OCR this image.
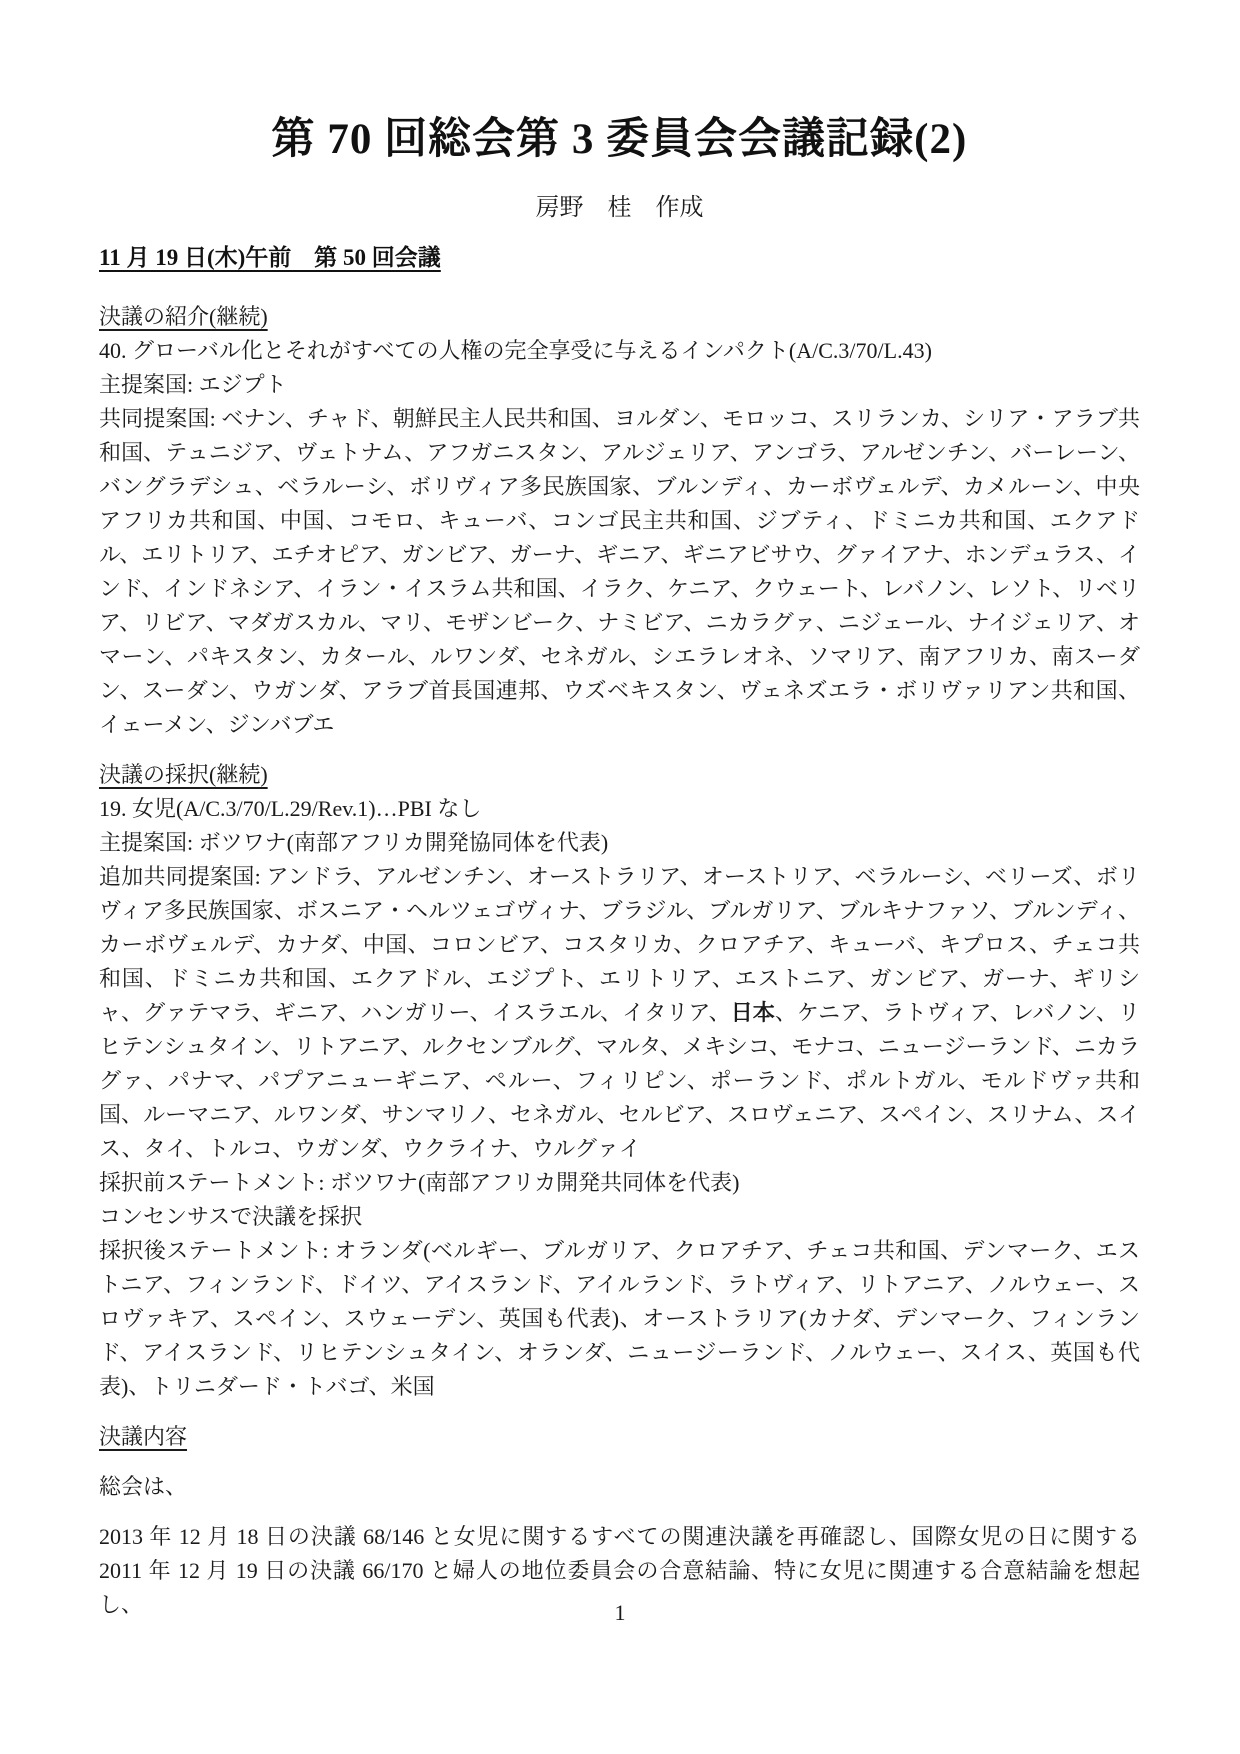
第 70 回総会第 3 委員会会議記録(2)
房野　桂　作成
11 月 19 日(木)午前　第 50 回会議
決議の紹介(継続)
40. グローバル化とそれがすべての人権の完全享受に与えるインパクト(A/C.3/70/L.43)
主提案国: エジプト
共同提案国: ベナン、チャド、朝鮮民主人民共和国、ヨルダン、モロッコ、スリランカ、シリア・アラブ共和国、テュニジア、ヴェトナム、アフガニスタン、アルジェリア、アンゴラ、アルゼンチン、バーレーン、バングラデシュ、ベラルーシ、ボリヴィア多民族国家、ブルンディ、カーボヴェルデ、カメルーン、中央アフリカ共和国、中国、コモロ、キューバ、コンゴ民主共和国、ジブティ、ドミニカ共和国、エクアドル、エリトリア、エチオピア、ガンビア、ガーナ、ギニア、ギニアビサウ、グァイアナ、ホンデュラス、インド、インドネシア、イラン・イスラム共和国、イラク、ケニア、クウェート、レバノン、レソト、リベリア、リビア、マダガスカル、マリ、モザンビーク、ナミビア、ニカラグァ、ニジェール、ナイジェリア、オマーン、パキスタン、カタール、ルワンダ、セネガル、シエラレオネ、ソマリア、南アフリカ、南スーダン、スーダン、ウガンダ、アラブ首長国連邦、ウズベキスタン、ヴェネズエラ・ボリヴァリアン共和国、イェーメン、ジンバブエ
決議の採択(継続)
19. 女児(A/C.3/70/L.29/Rev.1)…PBI なし
主提案国: ボツワナ(南部アフリカ開発協同体を代表)
追加共同提案国: アンドラ、アルゼンチン、オーストラリア、オーストリア、ベラルーシ、ベリーズ、ボリヴィア多民族国家、ボスニア・ヘルツェゴヴィナ、ブラジル、ブルガリア、ブルキナファソ、ブルンディ、カーボヴェルデ、カナダ、中国、コロンビア、コスタリカ、クロアチア、キューバ、キプロス、チェコ共和国、ドミニカ共和国、エクアドル、エジプト、エリトリア、エストニア、ガンビア、ガーナ、ギリシャ、グァテマラ、ギニア、ハンガリー、イスラエル、イタリア、日本、ケニア、ラトヴィア、レバノン、リヒテンシュタイン、リトアニア、ルクセンブルグ、マルタ、メキシコ、モナコ、ニュージーランド、ニカラグァ、パナマ、パプアニューギニア、ペルー、フィリピン、ポーランド、ポルトガル、モルドヴァ共和国、ルーマニア、ルワンダ、サンマリノ、セネガル、セルビア、スロヴェニア、スペイン、スリナム、スイス、タイ、トルコ、ウガンダ、ウクライナ、ウルグァイ
採択前ステートメント: ボツワナ(南部アフリカ開発共同体を代表)
コンセンサスで決議を採択
採択後ステートメント: オランダ(ベルギー、ブルガリア、クロアチア、チェコ共和国、デンマーク、エストニア、フィンランド、ドイツ、アイスランド、アイルランド、ラトヴィア、リトアニア、ノルウェー、スロヴァキア、スペイン、スウェーデン、英国も代表)、オーストラリア(カナダ、デンマーク、フィンランド、アイスランド、リヒテンシュタイン、オランダ、ニュージーランド、ノルウェー、スイス、英国も代表)、トリニダード・トバゴ、米国
決議内容
総会は、
2013 年 12 月 18 日の決議 68/146 と女児に関するすべての関連決議を再確認し、国際女児の日に関する 2011 年 12 月 19 日の決議 66/170 と婦人の地位委員会の合意結論、特に女児に関連する合意結論を想起し、	1
